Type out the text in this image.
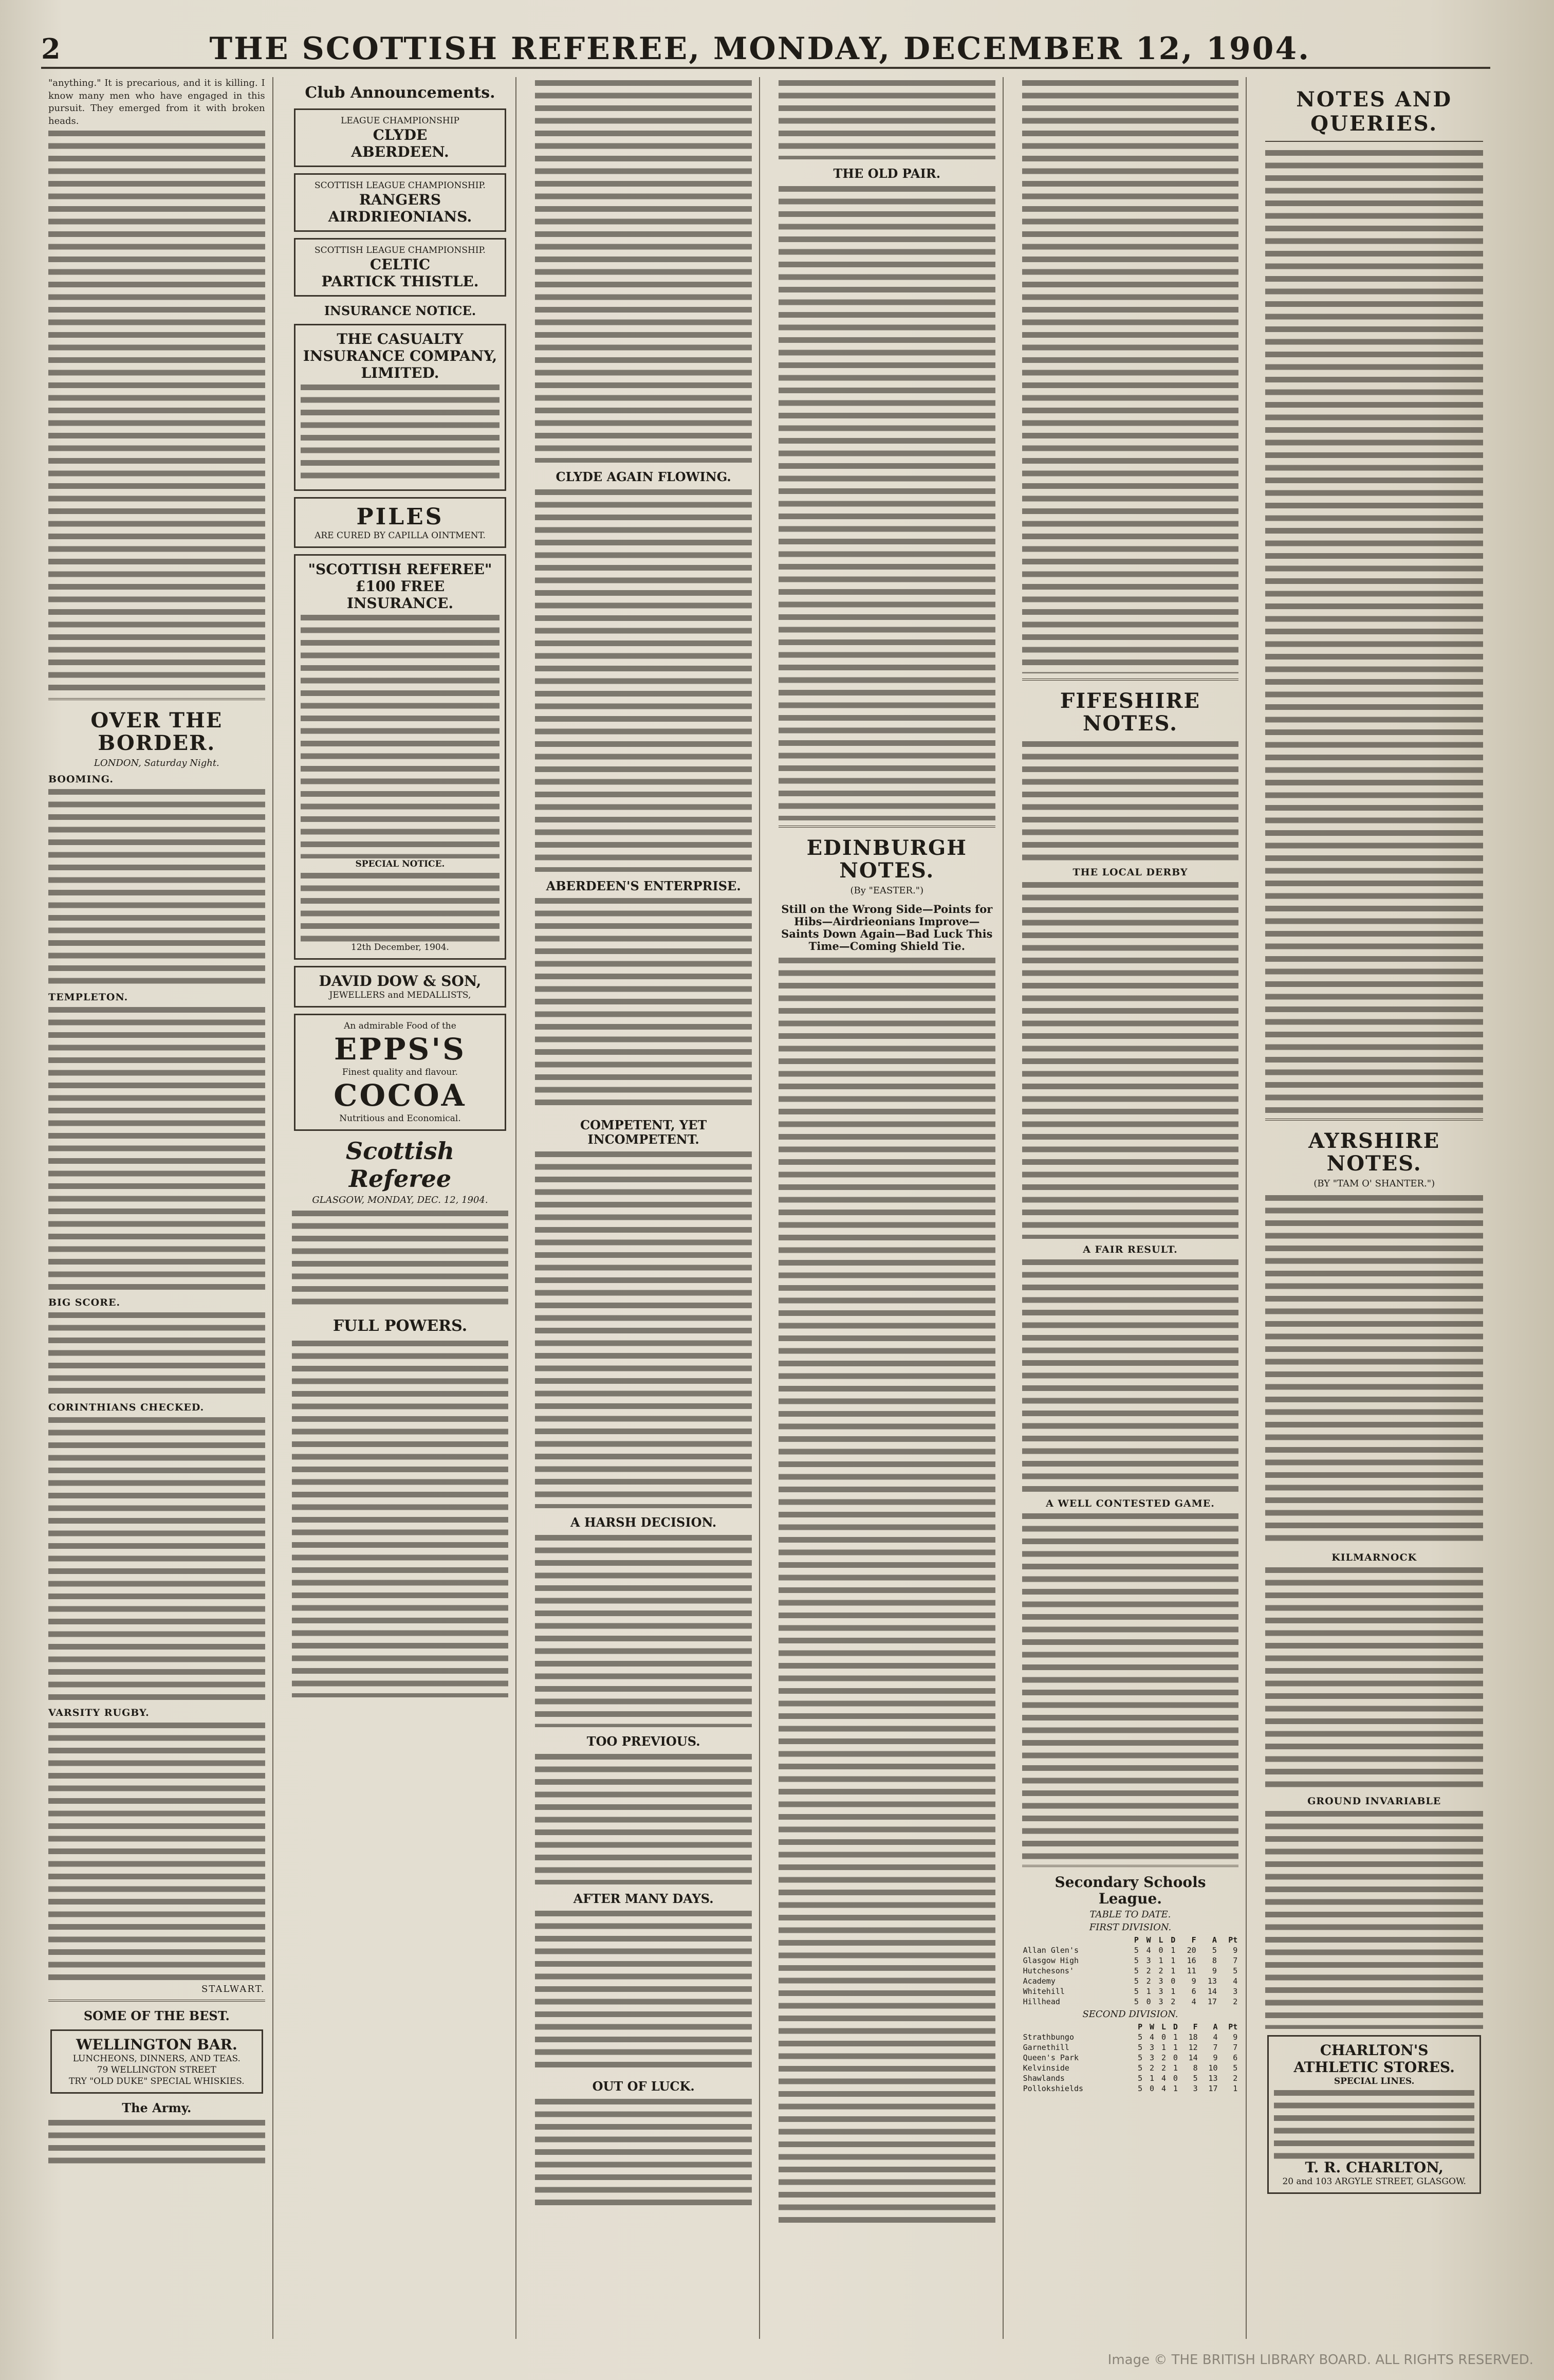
2	THE SCOTTISH REFEREE, MONDAY, DECEMBER 12, 1904.

"anything." It is precarious, and it is killing. I know many men who have engaged in this pursuit. They emerged from it with broken heads.

OVER THE BORDER.
LONDON, Saturday Night.
BOOMING.
TEMPLETON.
BIG SCORE.
CORINTHIANS CHECKED.
VARSITY RUGBY.
STALWART.
SOME OF THE BEST.
WELLINGTON BAR.
LUNCHEONS, DINNERS, AND TEAS.
79 WELLINGTON STREET
TRY "OLD DUKE" SPECIAL WHISKIES.
The Army.
Club Announcements.
LEAGUE CHAMPIONSHIP
CLYDE
ABERDEEN.
SCOTTISH LEAGUE CHAMPIONSHIP.
RANGERS
AIRDRIEONIANS.
SCOTTISH LEAGUE CHAMPIONSHIP.
CELTIC
PARTICK THISTLE.
INSURANCE NOTICE.
THE CASUALTY INSURANCE COMPANY, LIMITED.
PILES
ARE CURED BY CAPILLA OINTMENT.
"SCOTTISH REFEREE"
£100 FREE INSURANCE.
SPECIAL NOTICE.
12th December, 1904.
DAVID DOW & SON,
JEWELLERS and MEDALLISTS,
An admirable Food of the
EPPS'S
Finest quality and flavour.
COCOA
Nutritious and Economical.
Scottish Referee
GLASGOW, MONDAY, DEC. 12, 1904.
FULL POWERS.
CLYDE AGAIN FLOWING.
ABERDEEN'S ENTERPRISE.
COMPETENT, YET INCOMPETENT.
A HARSH DECISION.
TOO PREVIOUS.
AFTER MANY DAYS.
OUT OF LUCK.
THE OLD PAIR.
EDINBURGH NOTES.
(By "EASTER.")
Still on the Wrong Side—Points for Hibs—Airdrieonians Improve—Saints Down Again—Bad Luck This Time—Coming Shield Tie.
FIFESHIRE NOTES.
THE LOCAL DERBY
A FAIR RESULT.
A WELL CONTESTED GAME.
Secondary Schools League.
TABLE TO DATE.
FIRST DIVISION.
	P	W	L	D	F	A	Pt
Allan Glen's	5	4	0	1	20	5	9
Glasgow High	5	3	1	1	16	8	7
Hutchesons'	5	2	2	1	11	9	5
Academy	5	2	3	0	9	13	4
Whitehill	5	1	3	1	6	14	3
Hillhead	5	0	3	2	4	17	2
SECOND DIVISION.
	P	W	L	D	F	A	Pt
Strathbungo	5	4	0	1	18	4	9
Garnethill	5	3	1	1	12	7	7
Queen's Park	5	3	2	0	14	9	6
Kelvinside	5	2	2	1	8	10	5
Shawlands	5	1	4	0	5	13	2
Pollokshields	5	0	4	1	3	17	1
NOTES AND QUERIES.
AYRSHIRE NOTES.
(BY "TAM O' SHANTER.")
KILMARNOCK
GROUND INVARIABLE
CHARLTON'S
ATHLETIC STORES.
SPECIAL LINES.
T. R. CHARLTON,
20 and 103 ARGYLE STREET, GLASGOW.
Image © THE BRITISH LIBRARY BOARD. ALL RIGHTS RESERVED.
